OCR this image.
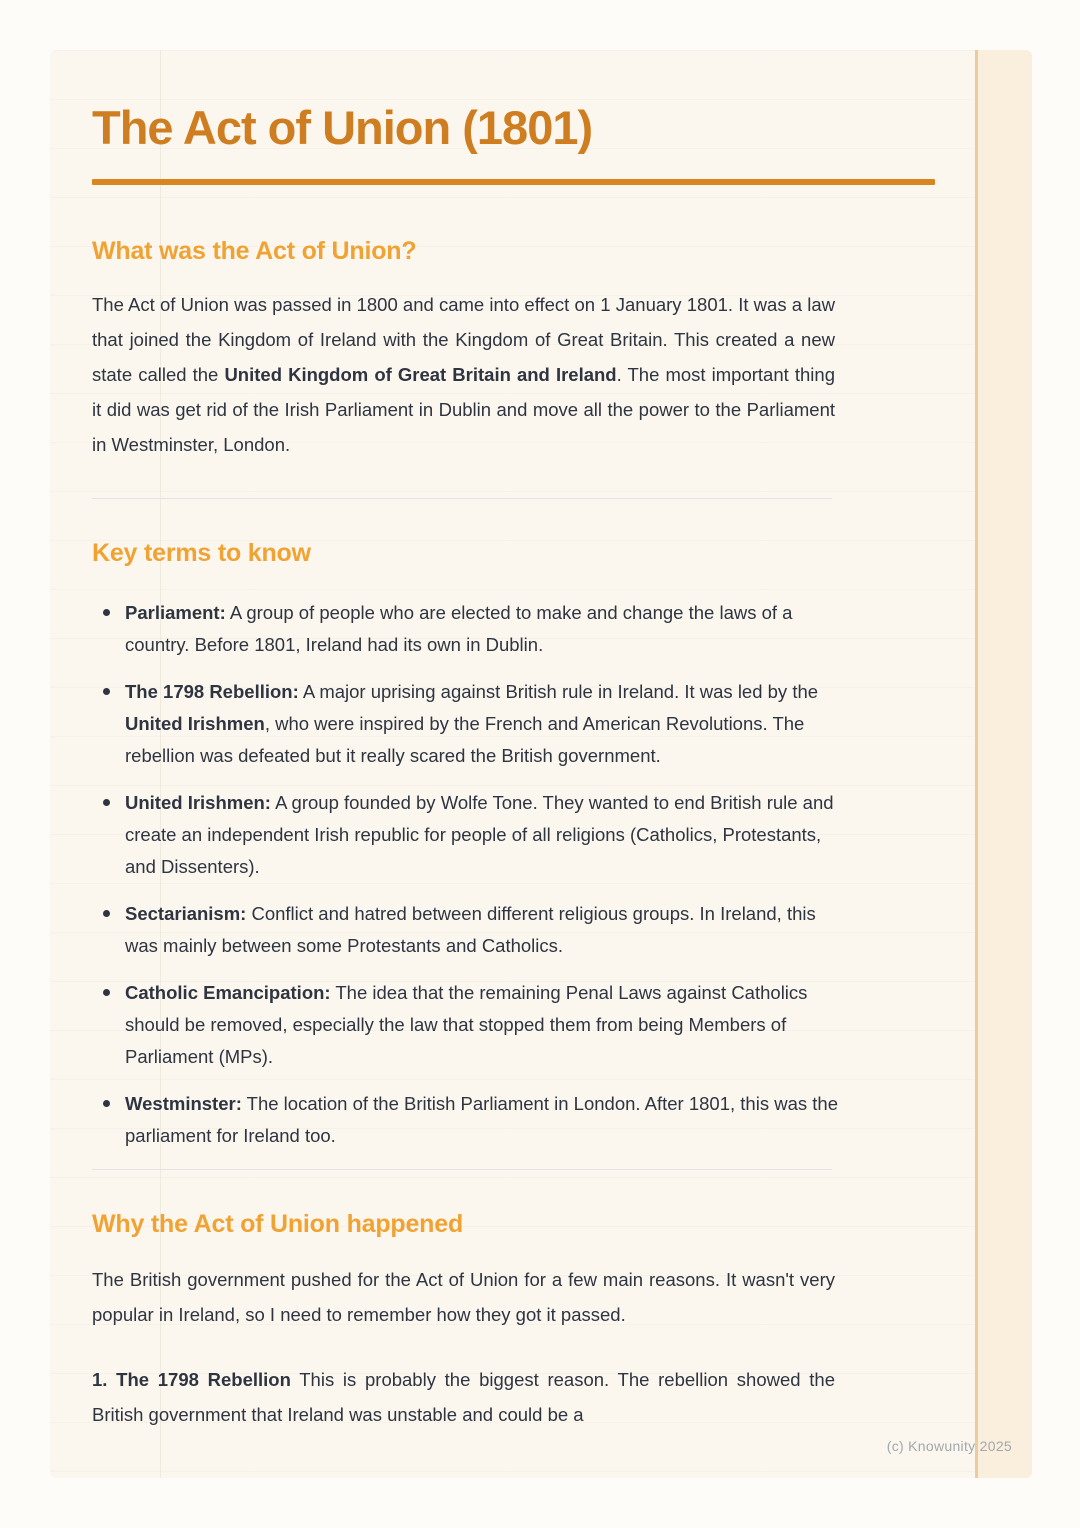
The Act of Union (1801)
What was the Act of Union?

The Act of Union was passed in 1800 and came into effect on 1 January 1801. It was a law that joined the Kingdom of Ireland with the Kingdom of Great Britain. This created a new state called the United Kingdom of Great Britain and Ireland. The most important thing it did was get rid of the Irish Parliament in Dublin and move all the power to the Parliament in Westminster, London.

Key terms to know
Parliament: A group of people who are elected to make and change the laws of a country. Before 1801, Ireland had its own in Dublin.
The 1798 Rebellion: A major uprising against British rule in Ireland. It was led by the United Irishmen, who were inspired by the French and American Revolutions. The rebellion was defeated but it really scared the British government.
United Irishmen: A group founded by Wolfe Tone. They wanted to end British rule and create an independent Irish republic for people of all religions (Catholics, Protestants, and Dissenters).
Sectarianism: Conflict and hatred between different religious groups. In Ireland, this was mainly between some Protestants and Catholics.
Catholic Emancipation: The idea that the remaining Penal Laws against Catholics should be removed, especially the law that stopped them from being Members of Parliament (MPs).
Westminster: The location of the British Parliament in London. After 1801, this was the parliament for Ireland too.
Why the Act of Union happened

The British government pushed for the Act of Union for a few main reasons. It wasn't very popular in Ireland, so I need to remember how they got it passed.

1. The 1798 Rebellion This is probably the biggest reason. The rebellion showed the British government that Ireland was unstable and could be a

(c) Knowunity 2025
